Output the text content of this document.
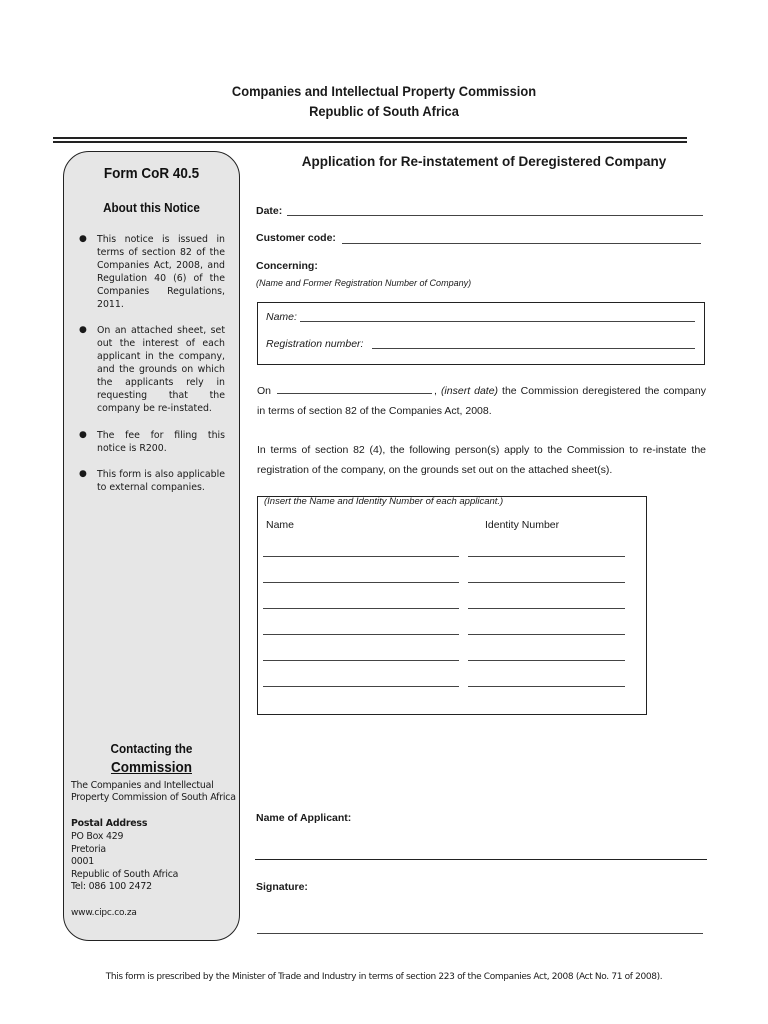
Companies and Intellectual Property Commission
Republic of South Africa
Form CoR 40.5
About this Notice
● This notice is issued in terms of section 82 of the Companies Act, 2008, and Regulation 40 (6) of the Companies Regulations, 2011.
● On an attached sheet, set out the interest of each applicant in the company, and the grounds on which the applicants rely in requesting that the company be re-instated.
● The fee for filing this notice is R200.
● This form is also applicable to external companies.
Contacting the
Commission
The Companies and Intellectual Property Commission of South Africa
Postal Address
PO Box 429
Pretoria
0001
Republic of South Africa
Tel: 086 100 2472
www.cipc.co.za
Application for Re-instatement of Deregistered Company
Date:
Customer code:
Concerning:
(Name and Former Registration Number of Company)
Name:
Registration number:
On	, (insert date) the Commission deregistered the company in terms of section 82 of the Companies Act, 2008.
In terms of section 82 (4), the following person(s) apply to the Commission to re-instate the registration of the company, on the grounds set out on the attached sheet(s).
(Insert the Name and Identity Number of each applicant.)
Name	Identity Number
Name of Applicant:
Signature:
This form is prescribed by the Minister of Trade and Industry in terms of section 223 of the Companies Act, 2008 (Act No. 71 of 2008).
